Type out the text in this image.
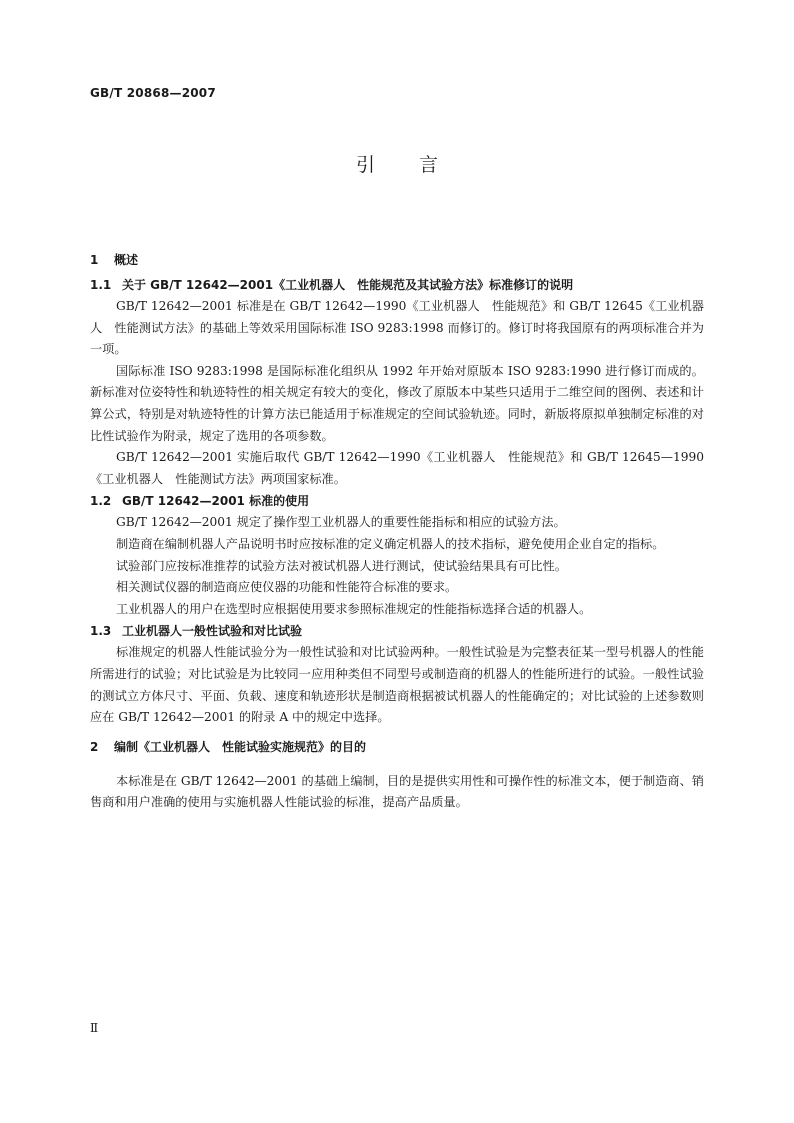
GB/T 20868—2007
引言
1 概述
1.1 关于 GB/T 12642—2001《工业机器人　性能规范及其试验方法》标准修订的说明

GB/T 12642—2001 标准是在 GB/T 12642—1990《工业机器人　性能规范》和 GB/T 12645《工业机器人　性能测试方法》的基础上等效采用国际标准 ISO 9283:1998 而修订的。修订时将我国原有的两项标准合并为一项。

国际标准 ISO 9283:1998 是国际标准化组织从 1992 年开始对原版本 ISO 9283:1990 进行修订而成的。新标准对位姿特性和轨迹特性的相关规定有较大的变化，修改了原版本中某些只适用于二维空间的图例、表述和计算公式，特别是对轨迹特性的计算方法已能适用于标准规定的空间试验轨迹。同时，新版将原拟单独制定标准的对比性试验作为附录，规定了选用的各项参数。

GB/T 12642—2001 实施后取代 GB/T 12642—1990《工业机器人　性能规范》和 GB/T 12645—1990《工业机器人　性能测试方法》两项国家标准。

1.2 GB/T 12642—2001 标准的使用

GB/T 12642—2001 规定了操作型工业机器人的重要性能指标和相应的试验方法。

制造商在编制机器人产品说明书时应按标准的定义确定机器人的技术指标，避免使用企业自定的指标。

试验部门应按标准推荐的试验方法对被试机器人进行测试，使试验结果具有可比性。

相关测试仪器的制造商应使仪器的功能和性能符合标准的要求。

工业机器人的用户在选型时应根据使用要求参照标准规定的性能指标选择合适的机器人。

1.3 工业机器人一般性试验和对比试验

标准规定的机器人性能试验分为一般性试验和对比试验两种。一般性试验是为完整表征某一型号机器人的性能所需进行的试验；对比试验是为比较同一应用种类但不同型号或制造商的机器人的性能所进行的试验。一般性试验的测试立方体尺寸、平面、负载、速度和轨迹形状是制造商根据被试机器人的性能确定的；对比试验的上述参数则应在 GB/T 12642—2001 的附录 A 中的规定中选择。

2 编制《工业机器人　性能试验实施规范》的目的

本标准是在 GB/T 12642—2001 的基础上编制，目的是提供实用性和可操作性的标准文本，便于制造商、销售商和用户准确的使用与实施机器人性能试验的标准，提高产品质量。

Ⅱ
